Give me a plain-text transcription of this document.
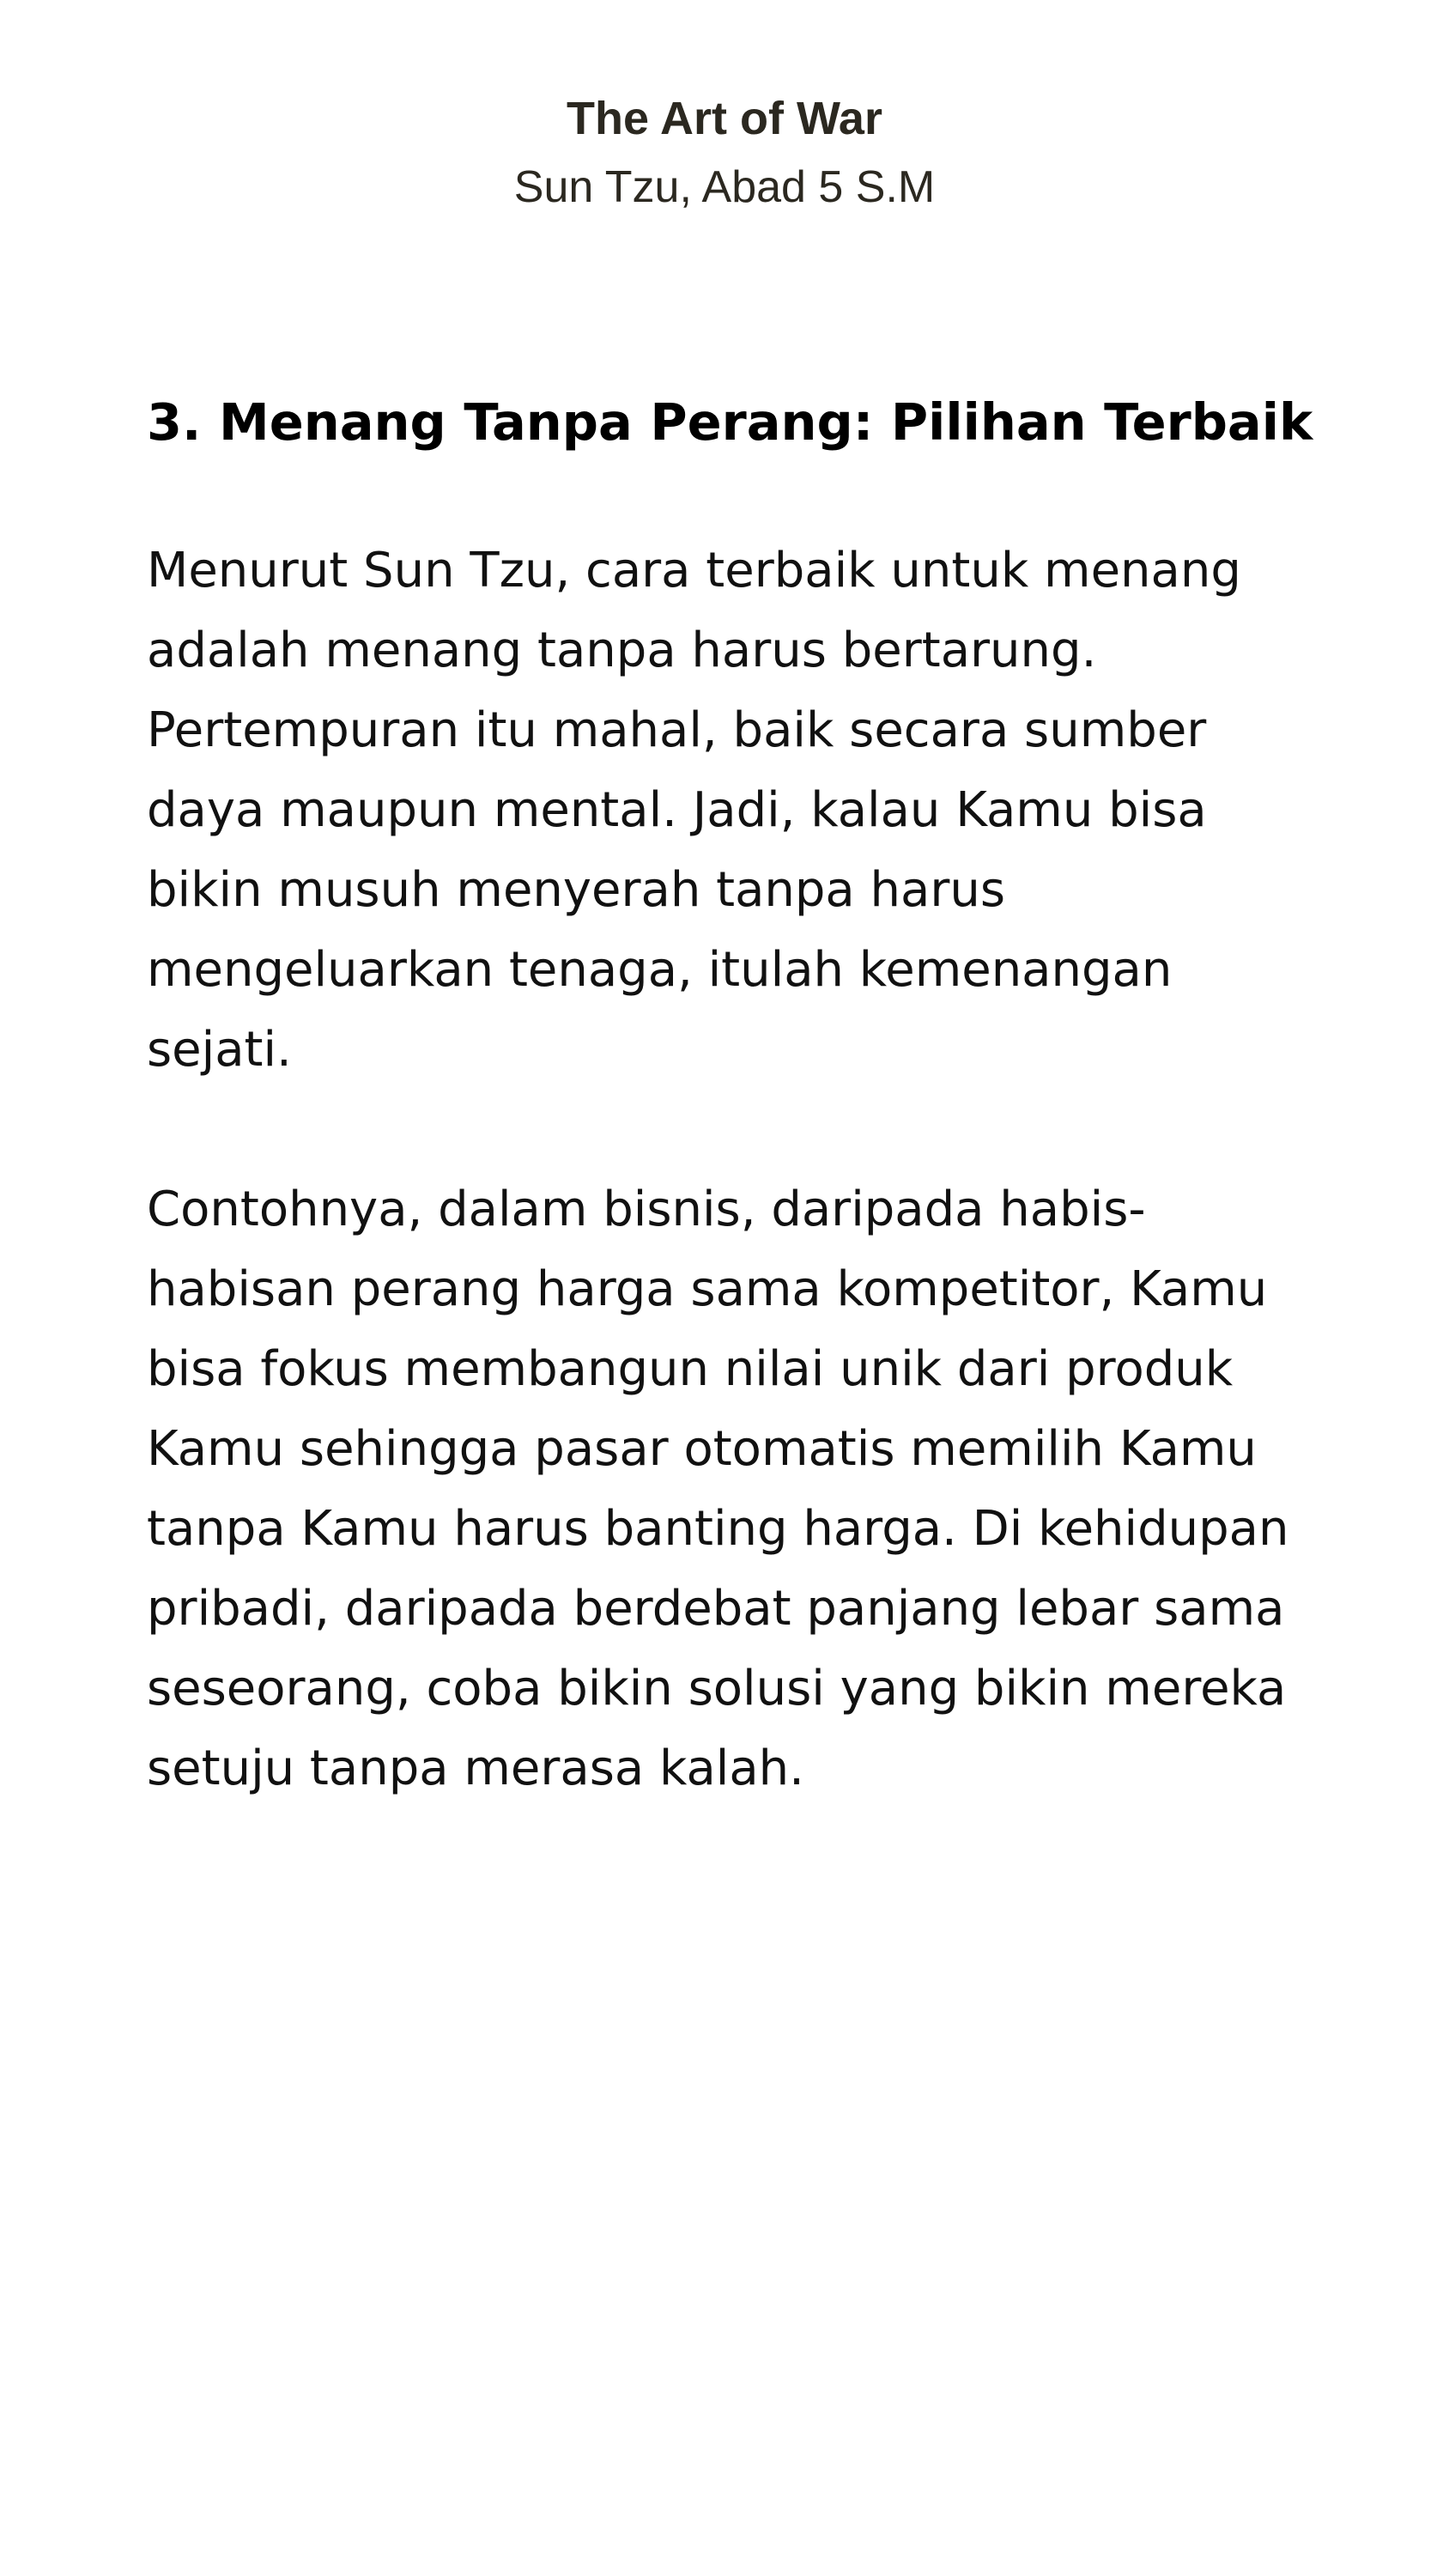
The Art of War
Sun Tzu, Abad 5 S.M
3. Menang Tanpa Perang: Pilihan Terbaik

Menurut Sun Tzu, cara terbaik untuk menang adalah menang tanpa harus bertarung. Pertempuran itu mahal, baik secara sumber daya maupun mental. Jadi, kalau Kamu bisa bikin musuh menyerah tanpa harus mengeluarkan tenaga, itulah kemenangan sejati.

Contohnya, dalam bisnis, daripada habis-habisan perang harga sama kompetitor, Kamu bisa fokus membangun nilai unik dari produk Kamu sehingga pasar otomatis memilih Kamu tanpa Kamu harus banting harga. Di kehidupan pribadi, daripada berdebat panjang lebar sama seseorang, coba bikin solusi yang bikin mereka setuju tanpa merasa kalah.
